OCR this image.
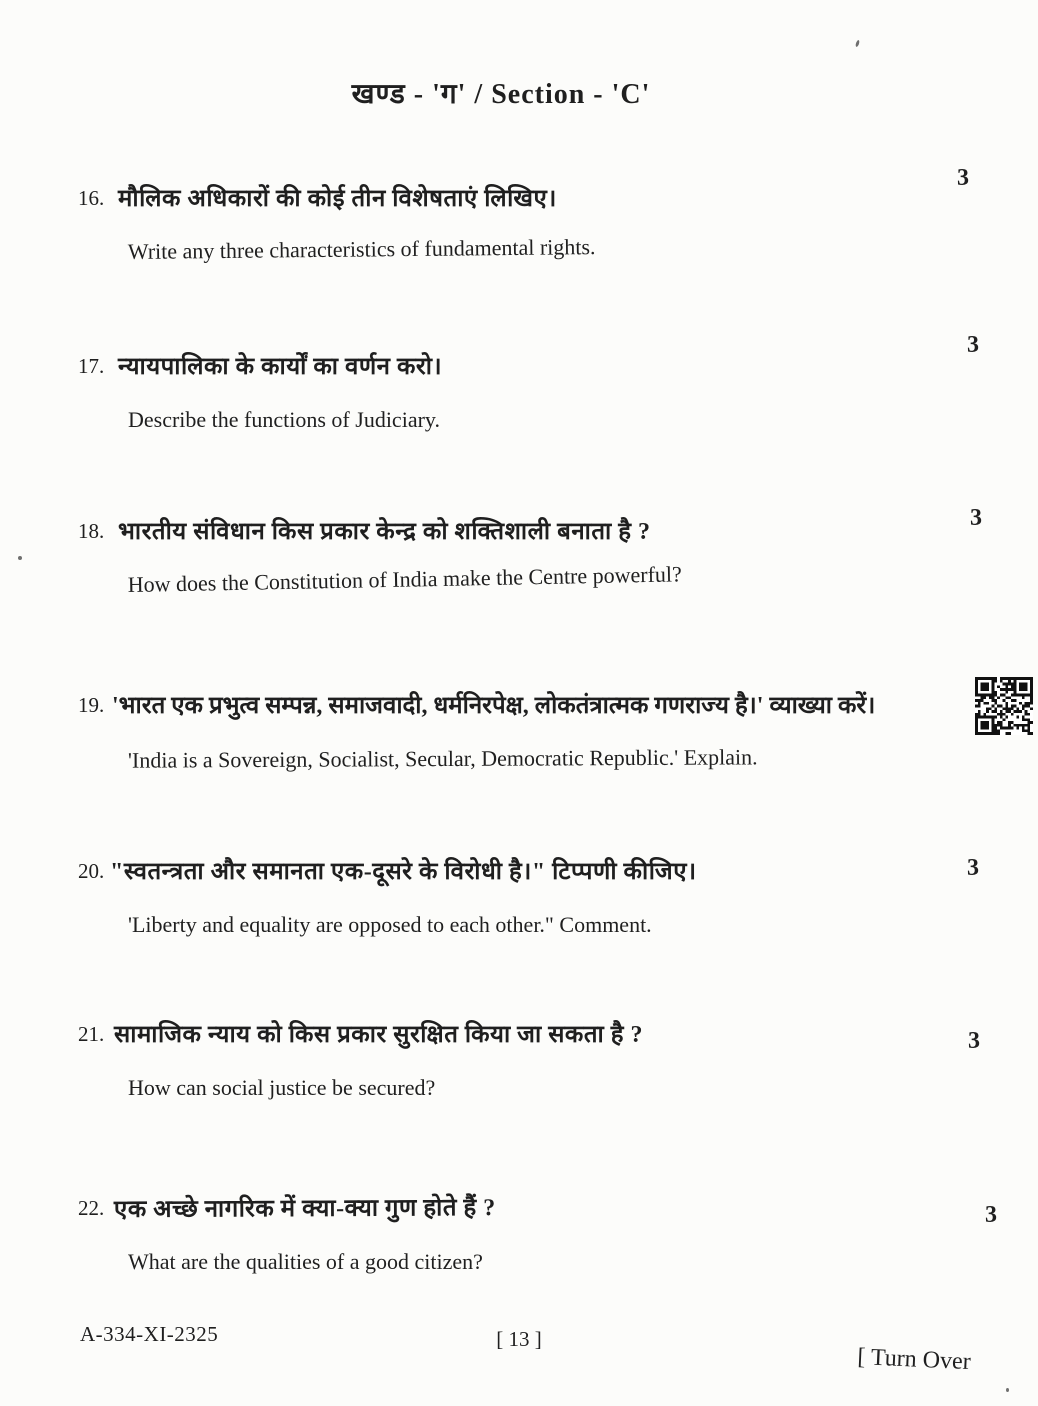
खण्ड - 'ग' / Section - 'C'
16. मौलिक अधिकारों की कोई तीन विशेषताएं लिखिए।
Write any three characteristics of fundamental rights.
3
17. न्यायपालिका के कार्यों का वर्णन करो।
Describe the functions of Judiciary.
3
18. भारतीय संविधान किस प्रकार केन्द्र को शक्तिशाली बनाता है ?
How does the Constitution of India make the Centre powerful?
3
19. 'भारत एक प्रभुत्व सम्पन्न, समाजवादी, धर्मनिरपेक्ष, लोकतंत्रात्मक गणराज्य है।' व्याख्या करें।
'India is a Sovereign, Socialist, Secular, Democratic Republic.' Explain.
20. "स्वतन्त्रता और समानता एक-दूसरे के विरोधी है।" टिप्पणी कीजिए।
'Liberty and equality are opposed to each other." Comment.
3
21. सामाजिक न्याय को किस प्रकार सुरक्षित किया जा सकता है ?
How can social justice be secured?
3
22. एक अच्छे नागरिक में क्या-क्या गुण होते हैं ?
What are the qualities of a good citizen?
3
A-334-XI-2325	[ 13 ]
[ Turn Over
